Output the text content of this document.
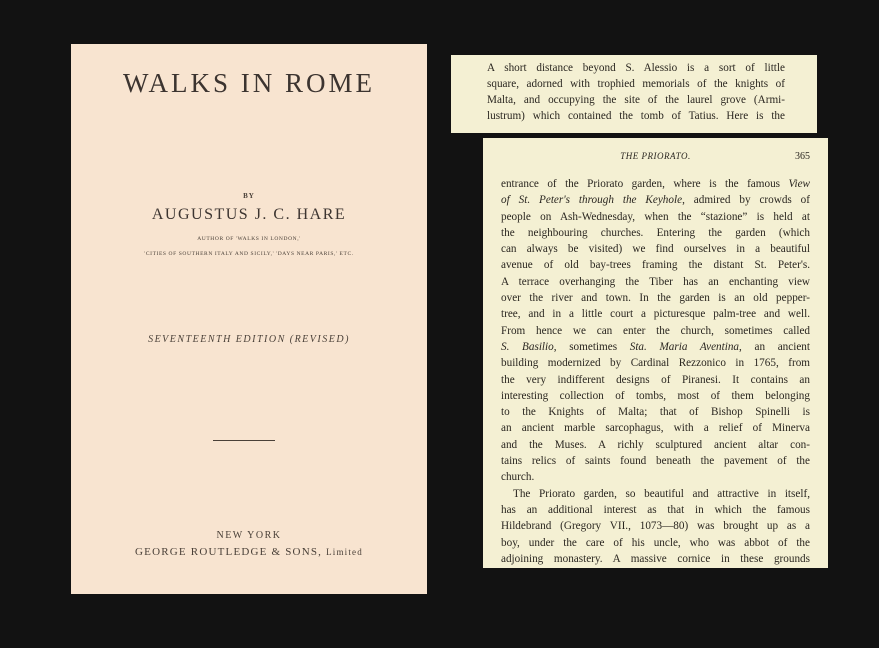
WALKS IN ROME
BY
AUGUSTUS J. C. HARE
AUTHOR OF 'WALKS IN LONDON,'
'CITIES OF SOUTHERN ITALY AND SICILY,' 'DAYS NEAR PARIS,' ETC.
SEVENTEENTH EDITION (REVISED)
NEW YORK
GEORGE ROUTLEDGE & SONS, Limited
A short distance beyond S. Alessio is a sort of little
square, adorned with trophied memorials of the knights of
Malta, and occupying the site of the laurel grove (Armi-
lustrum) which contained the tomb of Tatius. Here is the
THE PRIORATO.	365
entrance of the Priorato garden, where is the famous View
of St. Peter's through the Keyhole, admired by crowds of
people on Ash-Wednesday, when the “stazione” is held at
the neighbouring churches. Entering the garden (which
can always be visited) we find ourselves in a beautiful
avenue of old bay-trees framing the distant St. Peter's.
A terrace overhanging the Tiber has an enchanting view
over the river and town. In the garden is an old pepper-
tree, and in a little court a picturesque palm-tree and well.
From hence we can enter the church, sometimes called
S. Basilio, sometimes Sta. Maria Aventina, an ancient
building modernized by Cardinal Rezzonico in 1765, from
the very indifferent designs of Piranesi. It contains an
interesting collection of tombs, most of them belonging
to the Knights of Malta; that of Bishop Spinelli is
an ancient marble sarcophagus, with a relief of Minerva
and the Muses. A richly sculptured ancient altar con-
tains relics of saints found beneath the pavement of the
church.
The Priorato garden, so beautiful and attractive in itself,
has an additional interest as that in which the famous
Hildebrand (Gregory VII., 1073—80) was brought up as a
boy, under the care of his uncle, who was abbot of the
adjoining monastery. A massive cornice in these grounds
